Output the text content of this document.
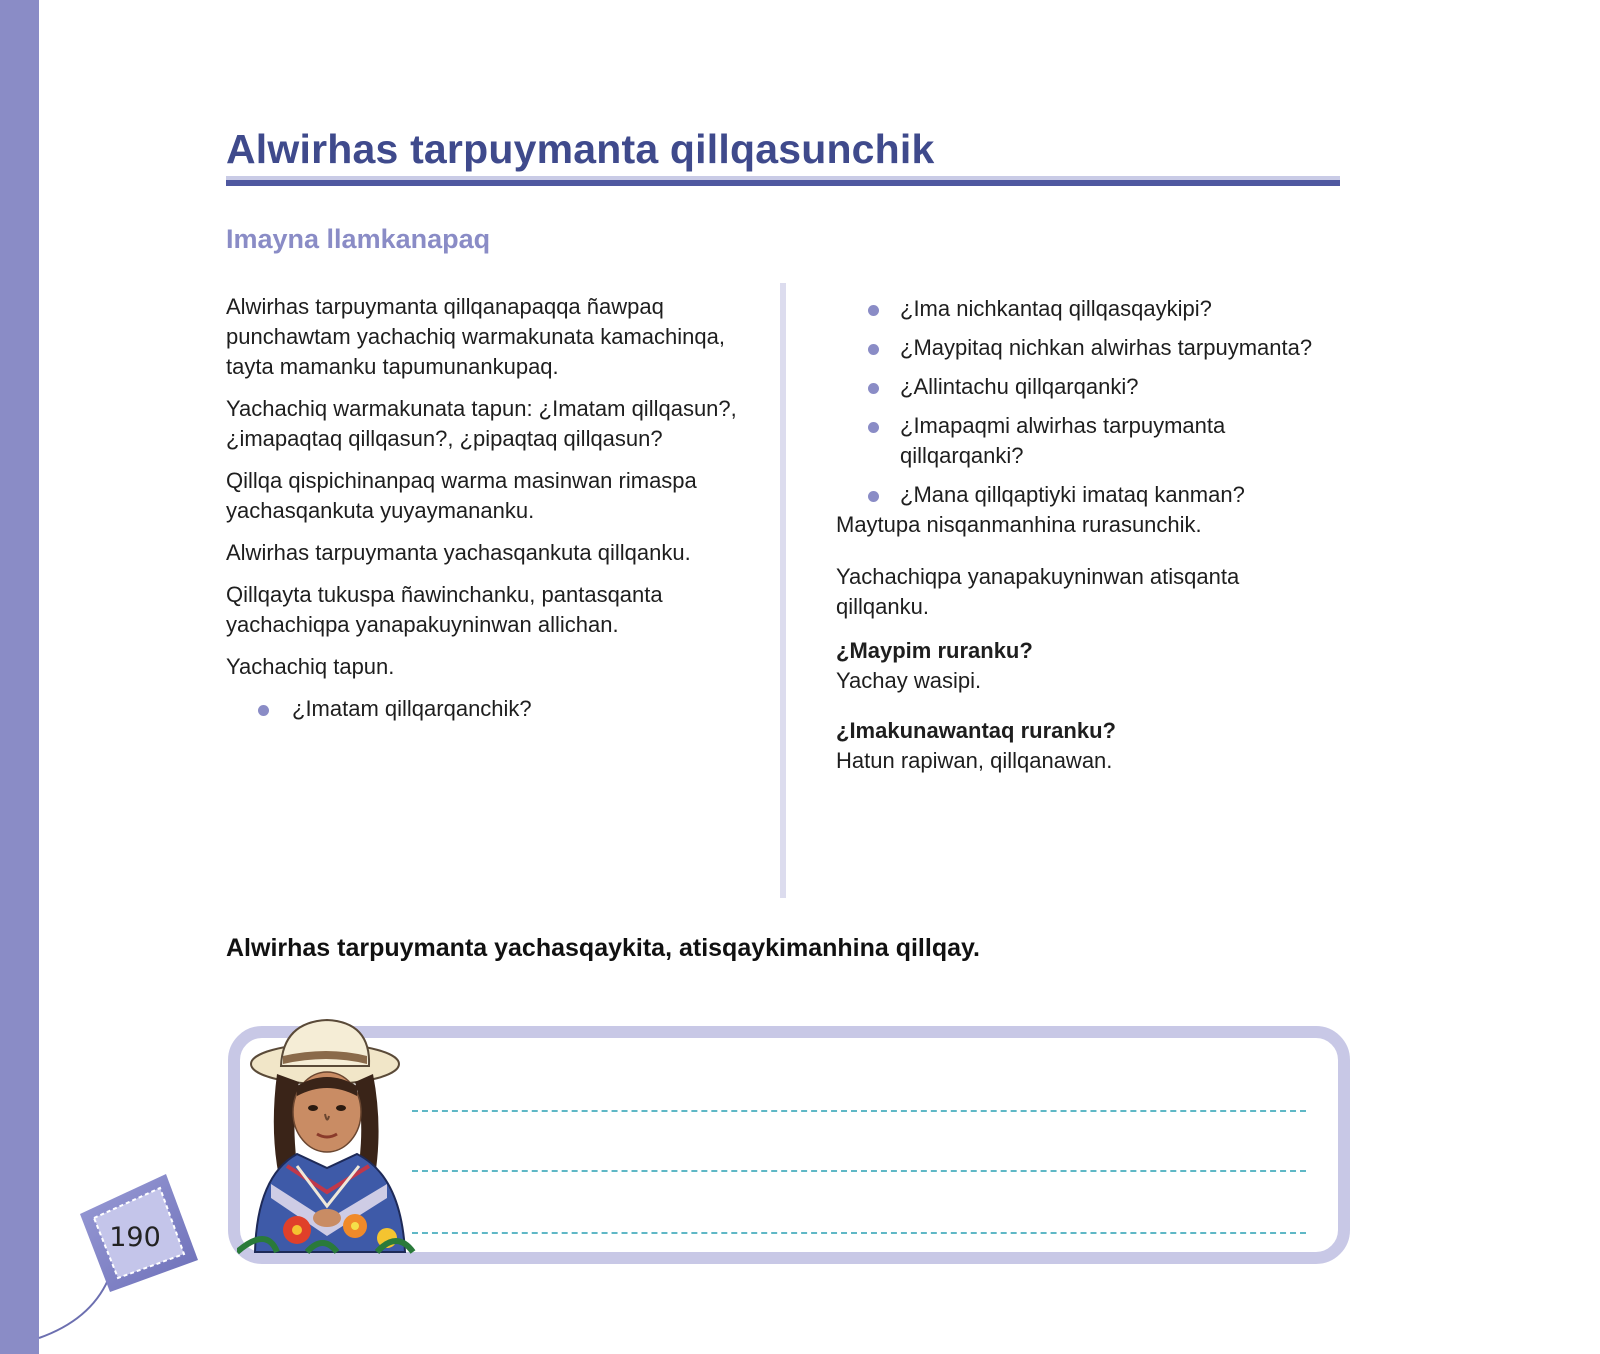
Alwirhas tarpuymanta qillqasunchik
Imayna llamkanapaq

Alwirhas tarpuymanta qillqanapaqqa ñawpaq punchawtam yachachiq warmakunata kamachinqa, tayta mamanku tapumunankupaq.

Yachachiq warmakunata tapun: ¿Imatam qillqasun?, ¿imapaqtaq qillqasun?, ¿pipaqtaq qillqasun?

Qillqa qispichinanpaq warma masinwan rimaspa yachasqankuta yuyaymananku.

Alwirhas tarpuymanta yachasqankuta qillqanku.

Qillqayta tukuspa ñawinchanku, pantasqanta yachachiqpa yanapakuyninwan allichan.

Yachachiq tapun.

¿Imatam qillqarqanchik?
¿Ima nichkantaq qillqasqaykipi?
¿Maypitaq nichkan alwirhas tarpuymanta?
¿Allintachu qillqarqanki?
¿Imapaqmi alwirhas tarpuymanta qillqarqanki?
¿Mana qillqaptiyki imataq kanman?

Maytupa nisqanmanhina rurasunchik.

Yachachiqpa yanapakuyninwan atisqanta qillqanku.

¿Maypim ruranku?

Yachay wasipi.

¿Imakunawantaq ruranku?

Hatun rapiwan, qillqanawan.

Alwirhas tarpuymanta yachasqaykita, atisqaykimanhina qillqay.

190
